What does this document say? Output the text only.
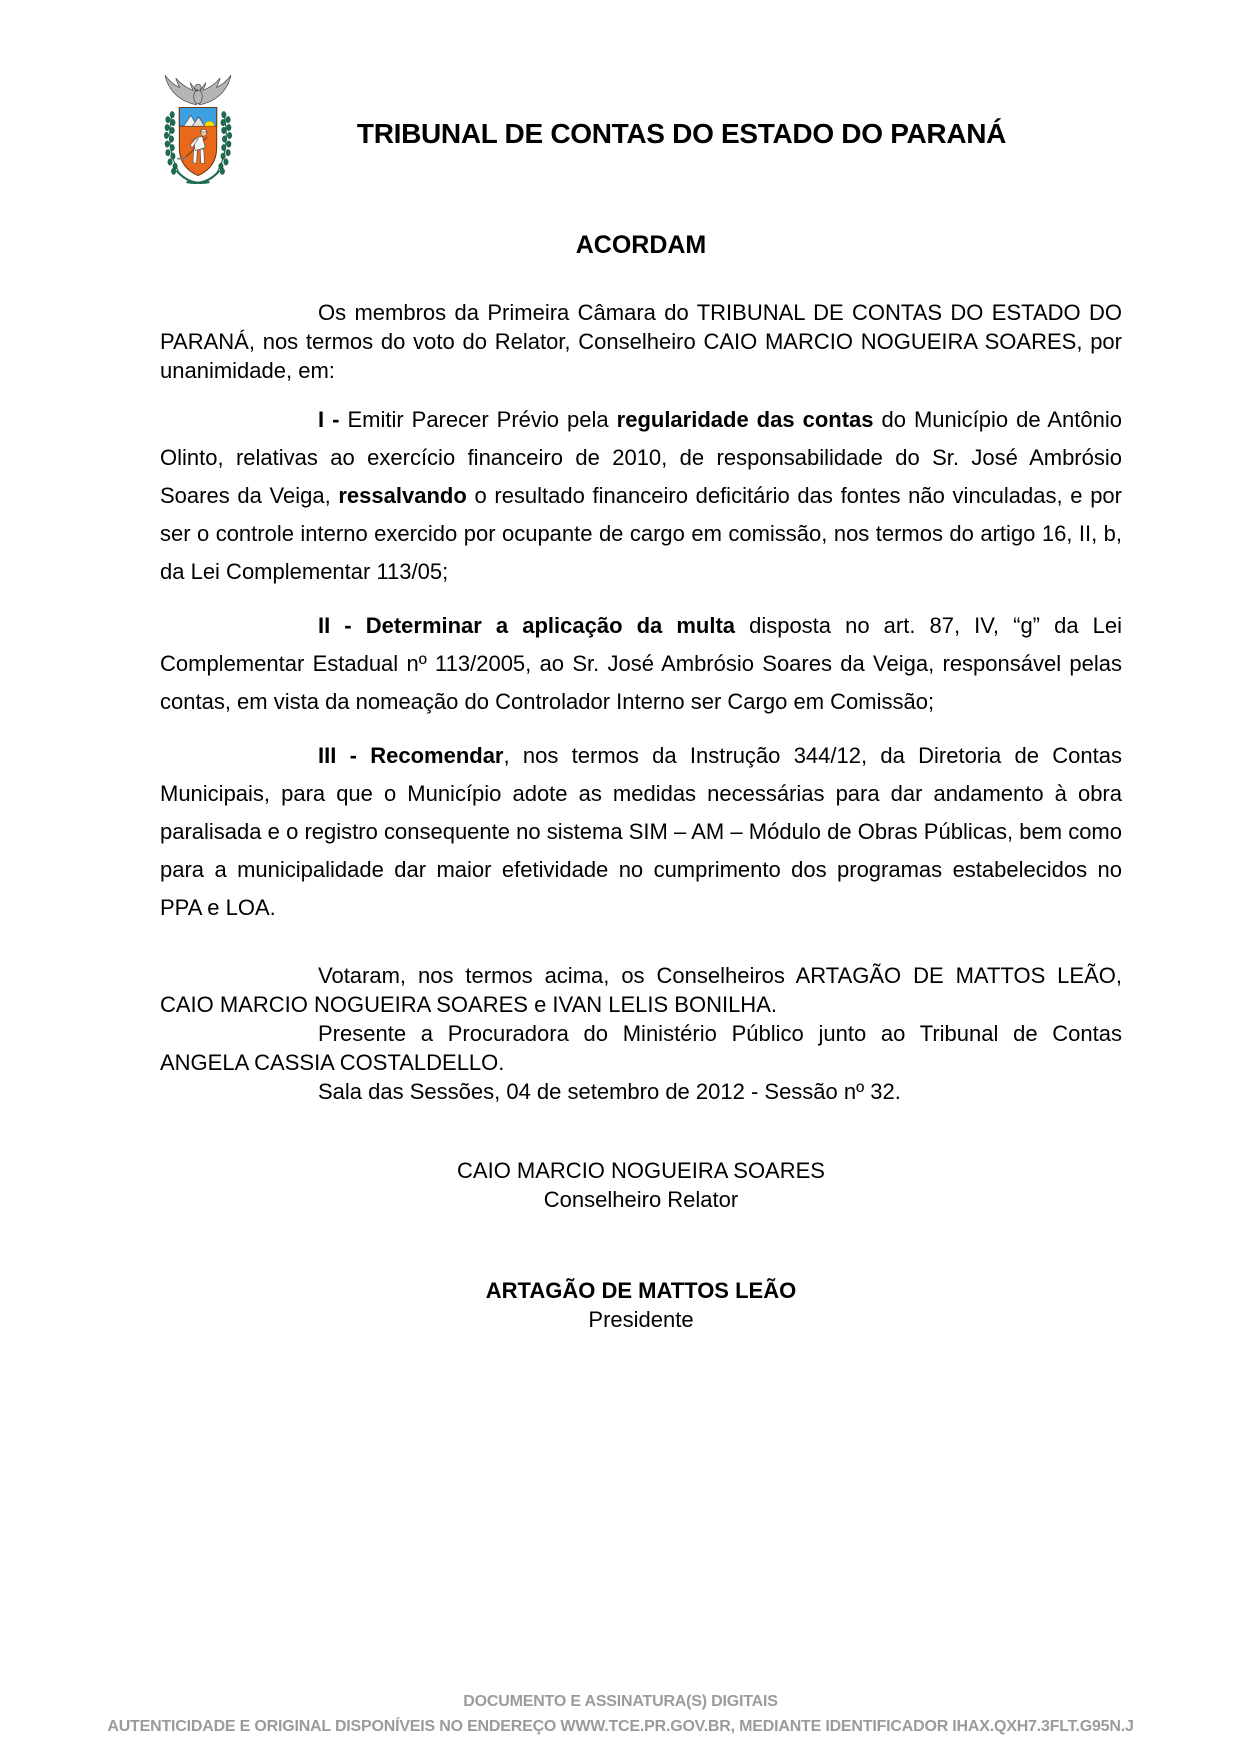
TRIBUNAL DE CONTAS DO ESTADO DO PARANÁ
ACORDAM

Os membros da Primeira Câmara do TRIBUNAL DE CONTAS DO ESTADO DO PARANÁ, nos termos do voto do Relator, Conselheiro CAIO MARCIO NOGUEIRA SOARES, por unanimidade, em:

I - Emitir Parecer Prévio pela regularidade das contas do Município de Antônio Olinto, relativas ao exercício financeiro de 2010, de responsabilidade do Sr. José Ambrósio Soares da Veiga, ressalvando o resultado financeiro deficitário das fontes não vinculadas, e por ser o controle interno exercido por ocupante de cargo em comissão, nos termos do artigo 16, II, b, da Lei Complementar 113/05;

II - Determinar a aplicação da multa disposta no art. 87, IV, “g” da Lei Complementar Estadual nº 113/2005, ao Sr. José Ambrósio Soares da Veiga, responsável pelas contas, em vista da nomeação do Controlador Interno ser Cargo em Comissão;

III - Recomendar, nos termos da Instrução 344/12, da Diretoria de Contas Municipais, para que o Município adote as medidas necessárias para dar andamento à obra paralisada e o registro consequente no sistema SIM – AM – Módulo de Obras Públicas, bem como para a municipalidade dar maior efetividade no cumprimento dos programas estabelecidos no PPA e LOA.

Votaram, nos termos acima, os Conselheiros ARTAGÃO DE MATTOS LEÃO, CAIO MARCIO NOGUEIRA SOARES e IVAN LELIS BONILHA.

Presente a Procuradora do Ministério Público junto ao Tribunal de Contas ANGELA CASSIA COSTALDELLO.

Sala das Sessões, 04 de setembro de 2012 - Sessão nº 32.

CAIO MARCIO NOGUEIRA SOARES
Conselheiro Relator
ARTAGÃO DE MATTOS LEÃO
Presidente
DOCUMENTO E ASSINATURA(S) DIGITAIS
AUTENTICIDADE E ORIGINAL DISPONÍVEIS NO ENDEREÇO WWW.TCE.PR.GOV.BR, MEDIANTE IDENTIFICADOR IHAX.QXH7.3FLT.G95N.J
